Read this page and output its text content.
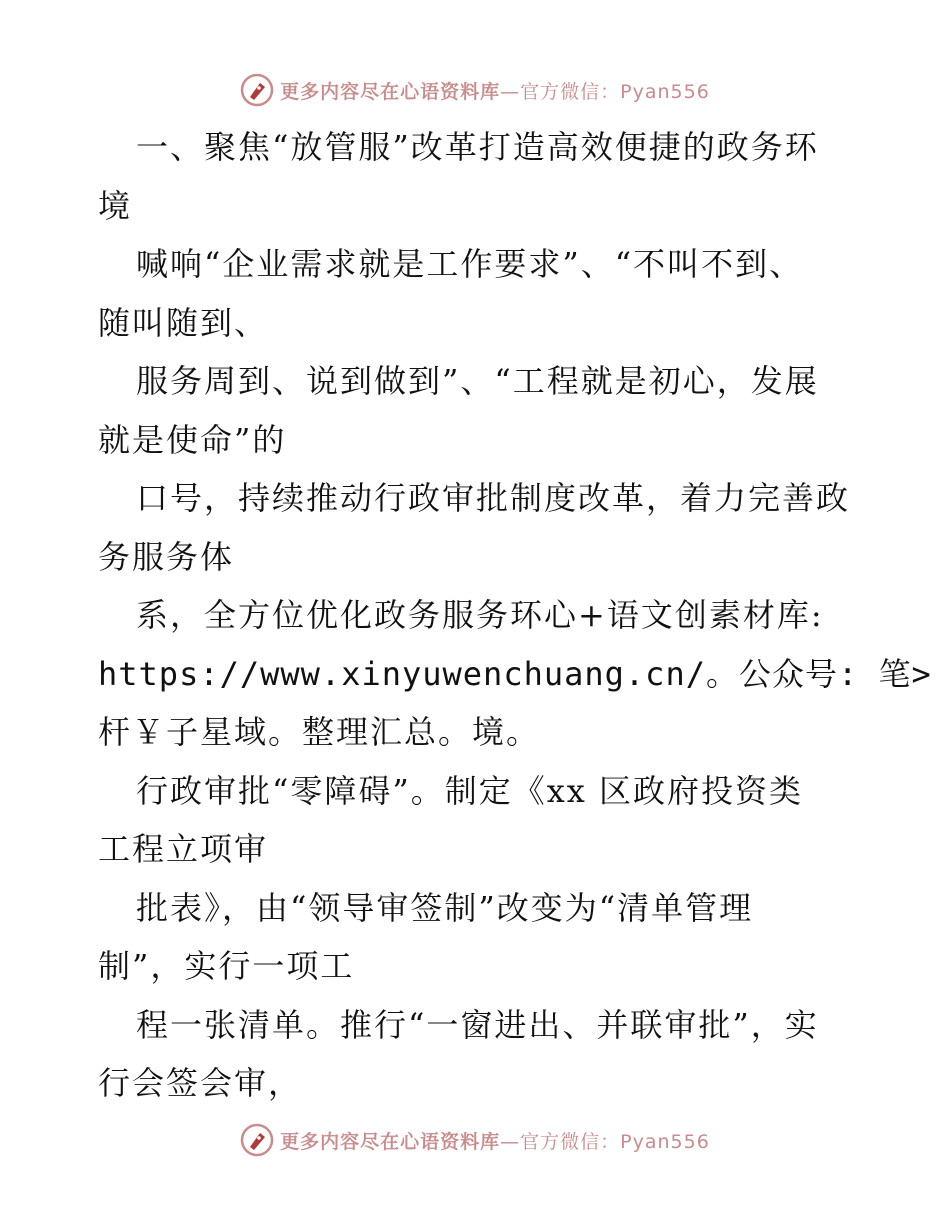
更多内容尽在心语资料库—官方微信：Pyan556
一、聚焦“放管服”改革打造高效便捷的政务环
境
喊响“企业需求就是工作要求”、“不叫不到、
随叫随到、
服务周到、说到做到”、“工程就是初心，发展
就是使命”的
口号，持续推动行政审批制度改革，着力完善政
务服务体
系，全方位优化政务服务环心+语文创素材库:
https://www.xinyuwenchuang.cn/。公众号: 笔>
杆￥子星域。整理汇总。境。
行政审批“零障碍”。制定《xx 区政府投资类
工程立项审
批表》，由“领导审签制”改变为“清单管理
制”，实行一项工
程一张清单。推行“一窗进出、并联审批”，实
行会签会审，
更多内容尽在心语资料库—官方微信：Pyan556
